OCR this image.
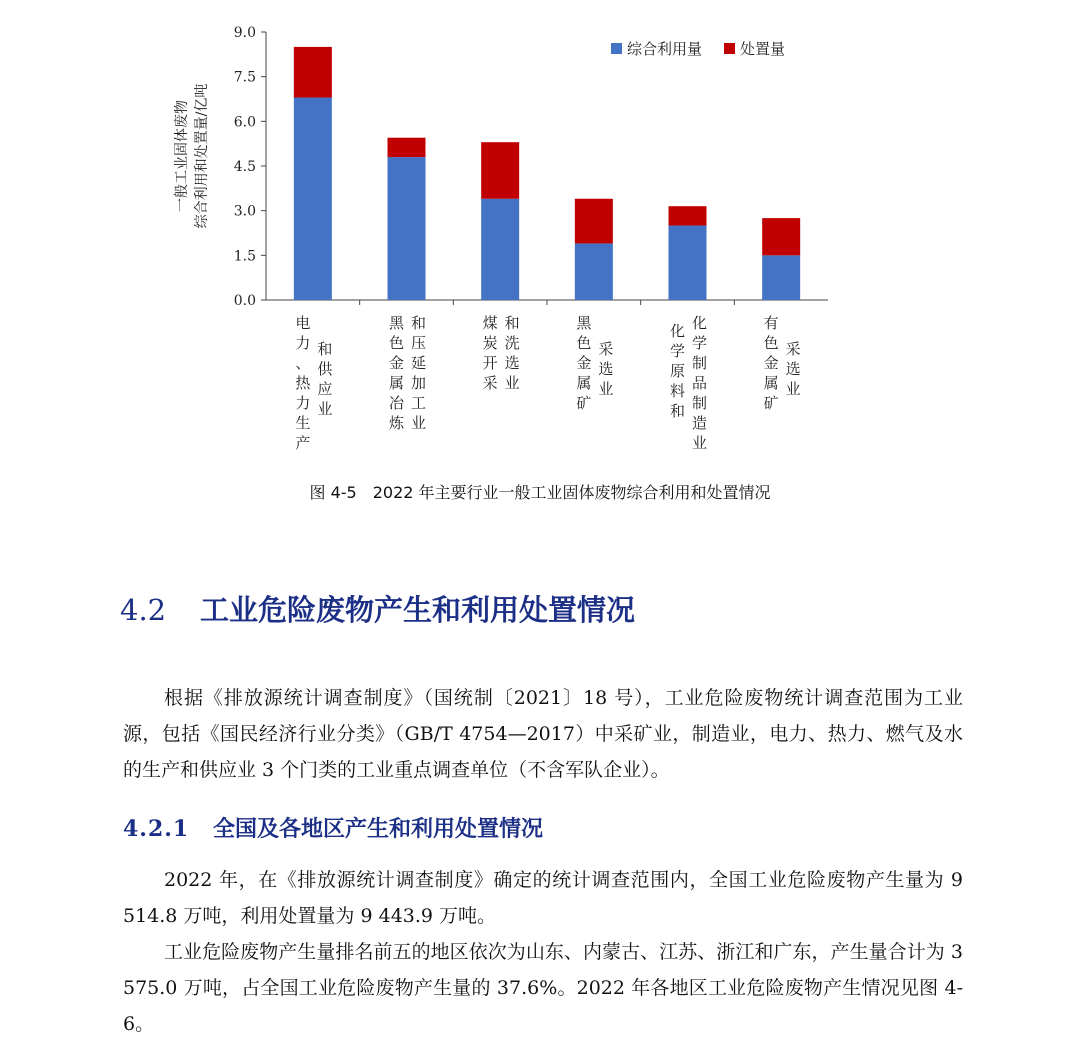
0.0
1.5
3.0
4.5
6.0
7.5
9.0
一般工业固体废物 综合利用和处置量/亿吨
电
力
、
热
力
生
产
和
供
应
业
黑
色
金
属
冶
炼
和
压
延
加
工
业
煤
炭
开
采
和
洗
选
业
黑
色
金
属
矿
采
选
业
化
学
原
料
和
化
学
制
品
制
造
业
有
色
金
属
矿
采
选
业
综合利用量	处置量
图 4-5　2022 年主要行业一般工业固体废物综合利用和处置情况
4.2 工业危险废物产生和利用处置情况
根据《排放源统计调查制度》（国统制〔2021〕18 号），工业危险废物统计调查范围为工业源，包括《国民经济行业分类》（GB/T 4754—2017）中采矿业，制造业，电力、热力、燃气及水的生产和供应业 3 个门类的工业重点调查单位（不含军队企业）。
4.2.1 全国及各地区产生和利用处置情况
2022 年，在《排放源统计调查制度》确定的统计调查范围内，全国工业危险废物产生量为 9 514.8 万吨，利用处置量为 9 443.9 万吨。
工业危险废物产生量排名前五的地区依次为山东、内蒙古、江苏、浙江和广东，产生量合计为 3 575.0 万吨，占全国工业危险废物产生量的 37.6%。2022 年各地区工业危险废物产生情况见图 4-6。
